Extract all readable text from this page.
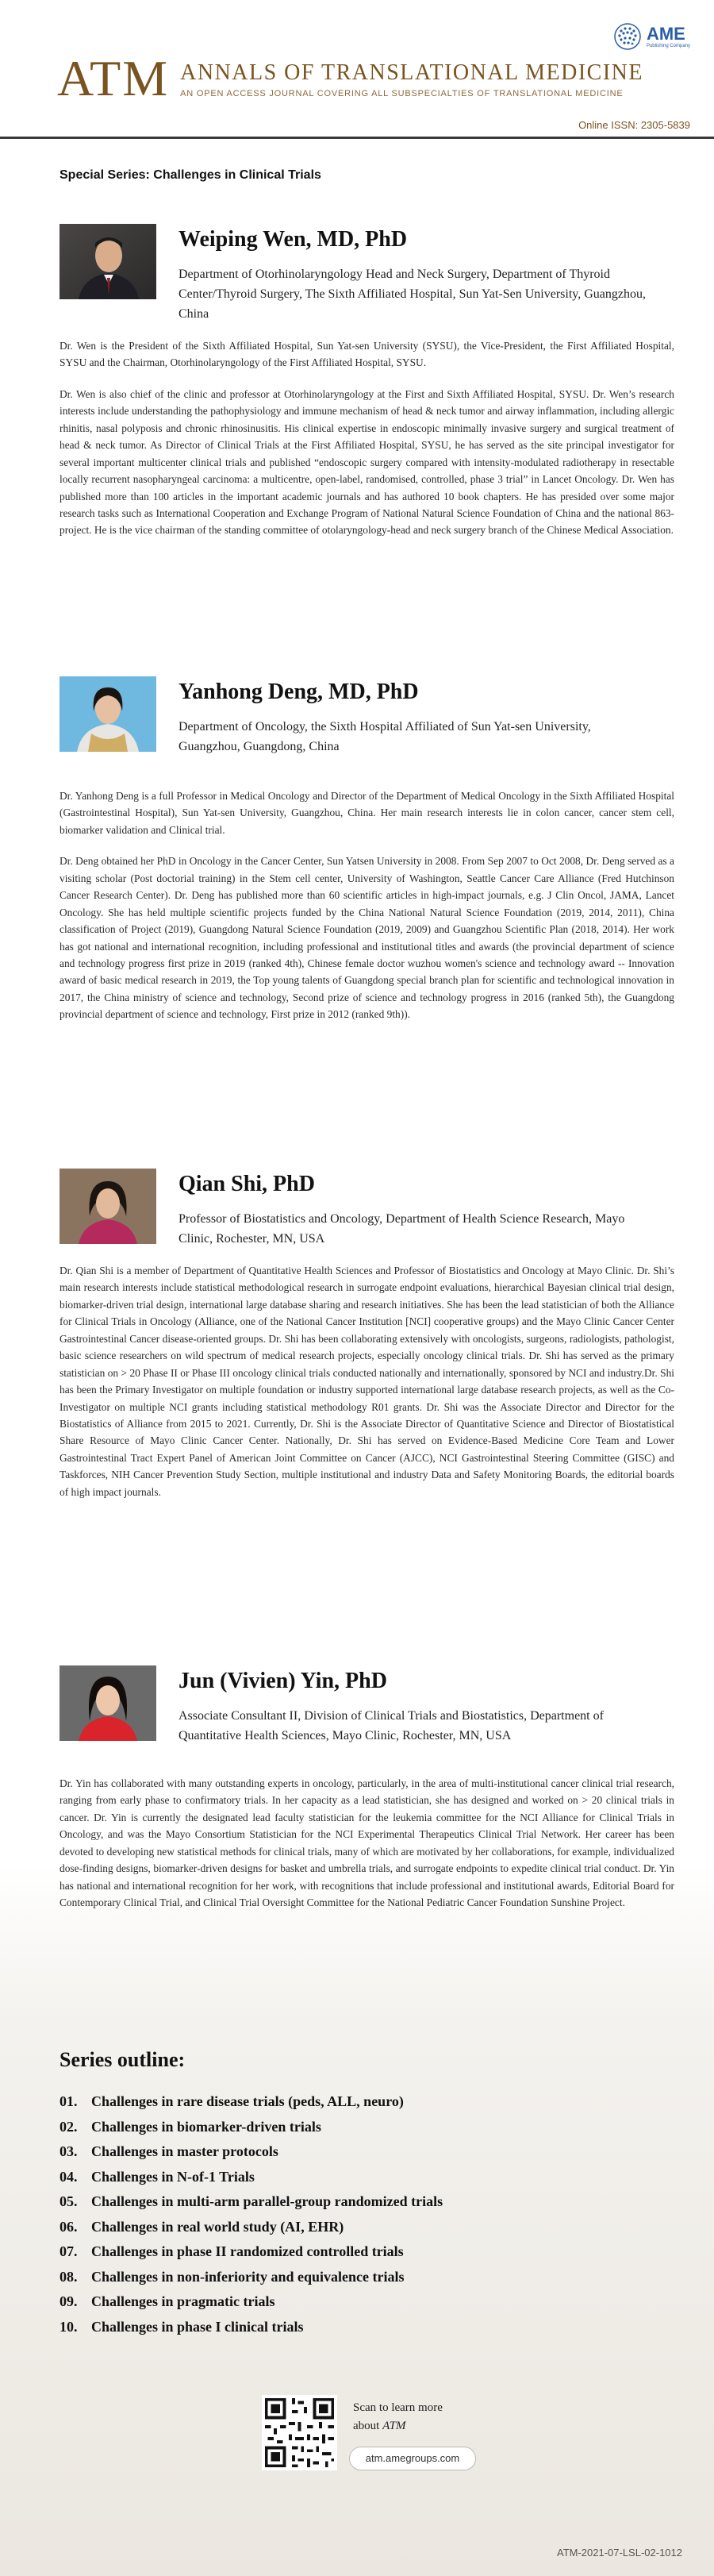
AME
Publishing Company
ATM ANNALS OF TRANSLATIONAL MEDICINE
AN OPEN ACCESS JOURNAL COVERING ALL SUBSPECIALTIES OF TRANSLATIONAL MEDICINE
Online ISSN: 2305-5839
Special Series: Challenges in Clinical Trials
Weiping Wen, MD, PhD
Department of Otorhinolaryngology Head and Neck Surgery, Department of Thyroid Center/Thyroid Surgery, The Sixth Affiliated Hospital, Sun Yat-Sen University, Guangzhou, China

Dr. Wen is the President of the Sixth Affiliated Hospital, Sun Yat-sen University (SYSU), the Vice-President, the First Affiliated Hospital, SYSU and the Chairman, Otorhinolaryngology of the First Affiliated Hospital, SYSU.

Dr. Wen is also chief of the clinic and professor at Otorhinolaryngology at the First and Sixth Affiliated Hospital, SYSU. Dr. Wen’s research interests include understanding the pathophysiology and immune mechanism of head & neck tumor and airway inflammation, including allergic rhinitis, nasal polyposis and chronic rhinosinusitis. His clinical expertise in endoscopic minimally invasive surgery and surgical treatment of head & neck tumor. As Director of Clinical Trials at the First Affiliated Hospital, SYSU, he has served as the site principal investigator for several important multicenter clinical trials and published “endoscopic surgery compared with intensity-modulated radiotherapy in resectable locally recurrent nasopharyngeal carcinoma: a multicentre, open-label, randomised, controlled, phase 3 trial” in Lancet Oncology. Dr. Wen has published more than 100 articles in the important academic journals and has authored 10 book chapters. He has presided over some major research tasks such as International Cooperation and Exchange Program of National Natural Science Foundation of China and the national 863- project. He is the vice chairman of the standing committee of otolaryngology-head and neck surgery branch of the Chinese Medical Association.

Yanhong Deng, MD, PhD
Department of Oncology, the Sixth Hospital Affiliated of Sun Yat-sen University, Guangzhou, Guangdong, China

Dr. Yanhong Deng is a full Professor in Medical Oncology and Director of the Department of Medical Oncology in the Sixth Affiliated Hospital (Gastrointestinal Hospital), Sun Yat-sen University, Guangzhou, China. Her main research interests lie in colon cancer, cancer stem cell, biomarker validation and Clinical trial.

Dr. Deng obtained her PhD in Oncology in the Cancer Center, Sun Yatsen University in 2008. From Sep 2007 to Oct 2008, Dr. Deng served as a visiting scholar (Post doctorial training) in the Stem cell center, University of Washington, Seattle Cancer Care Alliance (Fred Hutchinson Cancer Research Center). Dr. Deng has published more than 60 scientific articles in high-impact journals, e.g. J Clin Oncol, JAMA, Lancet Oncology. She has held multiple scientific projects funded by the China National Natural Science Foundation (2019, 2014, 2011), China classification of Project (2019), Guangdong Natural Science Foundation (2019, 2009) and Guangzhou Scientific Plan (2018, 2014). Her work has got national and international recognition, including professional and institutional titles and awards (the provincial department of science and technology progress first prize in 2019 (ranked 4th), Chinese female doctor wuzhou women's science and technology award -- Innovation award of basic medical research in 2019, the Top young talents of Guangdong special branch plan for scientific and technological innovation in 2017, the China ministry of science and technology, Second prize of science and technology progress in 2016 (ranked 5th), the Guangdong provincial department of science and technology, First prize in 2012 (ranked 9th)).

Qian Shi, PhD
Professor of Biostatistics and Oncology, Department of Health Science Research, Mayo Clinic, Rochester, MN, USA

Dr. Qian Shi is a member of Department of Quantitative Health Sciences and Professor of Biostatistics and Oncology at Mayo Clinic. Dr. Shi’s main research interests include statistical methodological research in surrogate endpoint evaluations, hierarchical Bayesian clinical trial design, biomarker-driven trial design, international large database sharing and research initiatives. She has been the lead statistician of both the Alliance for Clinical Trials in Oncology (Alliance, one of the National Cancer Institution [NCI] cooperative groups) and the Mayo Clinic Cancer Center Gastrointestinal Cancer disease-oriented groups. Dr. Shi has been collaborating extensively with oncologists, surgeons, radiologists, pathologist, basic science researchers on wild spectrum of medical research projects, especially oncology clinical trials. Dr. Shi has served as the primary statistician on > 20 Phase II or Phase III oncology clinical trials conducted nationally and internationally, sponsored by NCI and industry.Dr. Shi has been the Primary Investigator on multiple foundation or industry supported international large database research projects, as well as the Co-Investigator on multiple NCI grants including statistical methodology R01 grants. Dr. Shi was the Associate Director and Director for the Biostatistics of Alliance from 2015 to 2021. Currently, Dr. Shi is the Associate Director of Quantitative Science and Director of Biostatistical Share Resource of Mayo Clinic Cancer Center. Nationally, Dr. Shi has served on Evidence-Based Medicine Core Team and Lower Gastrointestinal Tract Expert Panel of American Joint Committee on Cancer (AJCC), NCI Gastrointestinal Steering Committee (GISC) and Taskforces, NIH Cancer Prevention Study Section, multiple institutional and industry Data and Safety Monitoring Boards, the editorial boards of high impact journals.

Jun (Vivien) Yin, PhD
Associate Consultant II, Division of Clinical Trials and Biostatistics, Department of Quantitative Health Sciences, Mayo Clinic, Rochester, MN, USA

Dr. Yin has collaborated with many outstanding experts in oncology, particularly, in the area of multi-institutional cancer clinical trial research, ranging from early phase to confirmatory trials. In her capacity as a lead statistician, she has designed and worked on > 20 clinical trials in cancer. Dr. Yin is currently the designated lead faculty statistician for the leukemia committee for the NCI Alliance for Clinical Trials in Oncology, and was the Mayo Consortium Statistician for the NCI Experimental Therapeutics Clinical Trial Network. Her career has been devoted to developing new statistical methods for clinical trials, many of which are motivated by her collaborations, for example, individualized dose-finding designs, biomarker-driven designs for basket and umbrella trials, and surrogate endpoints to expedite clinical trial conduct. Dr. Yin has national and international recognition for her work, with recognitions that include professional and institutional awards, Editorial Board for Contemporary Clinical Trial, and Clinical Trial Oversight Committee for the National Pediatric Cancer Foundation Sunshine Project.

Series outline:
01. Challenges in rare disease trials (peds, ALL, neuro)
02. Challenges in biomarker-driven trials
03. Challenges in master protocols
04. Challenges in N-of-1 Trials
05. Challenges in multi-arm parallel-group randomized trials
06. Challenges in real world study (AI, EHR)
07. Challenges in phase II randomized controlled trials
08. Challenges in non-inferiority and equivalence trials
09. Challenges in pragmatic trials
10. Challenges in phase I clinical trials
Scan to learn more
about ATM
atm.amegroups.com
ATM-2021-07-LSL-02-1012
